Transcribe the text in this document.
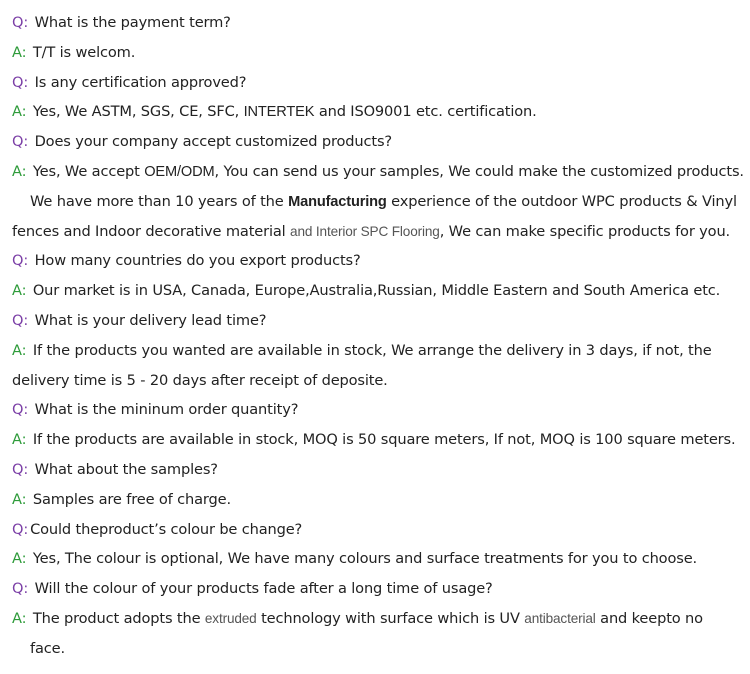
Q: What is the payment term?
A: T/T is welcom.
Q: Is any certification approved?
A: Yes, We ASTM, SGS, CE, SFC, INTERTEK and ISO9001 etc. certification.
Q: Does your company accept customized products?
A: Yes, We accept OEM/ODM, You can send us your samples, We could make the customized products.
We have more than 10 years of the Manufacturing experience of the outdoor WPC products & Vinyl
fences and Indoor decorative material and Interior SPC Flooring, We can make specific products for you.
Q: How many countries do you export products?
A: Our market is in USA, Canada, Europe,Australia,Russian, Middle Eastern and South America etc.
Q: What is your delivery lead time?
A: If the products you wanted are available in stock, We arrange the delivery in 3 days, if not, the
delivery time is 5 - 20 days after receipt of deposite.
Q: What is the mininum order quantity?
A: If the products are available in stock, MOQ is 50 square meters, If not, MOQ is 100 square meters.
Q: What about the samples?
A: Samples are free of charge.
Q: Could theproduct’s colour be change?
A: Yes, The colour is optional, We have many colours and surface treatments for you to choose.
Q: Will the colour of your products fade after a long time of usage?
A: The product adopts the extruded technology with surface which is UV antibacterial and keepto no
face.
